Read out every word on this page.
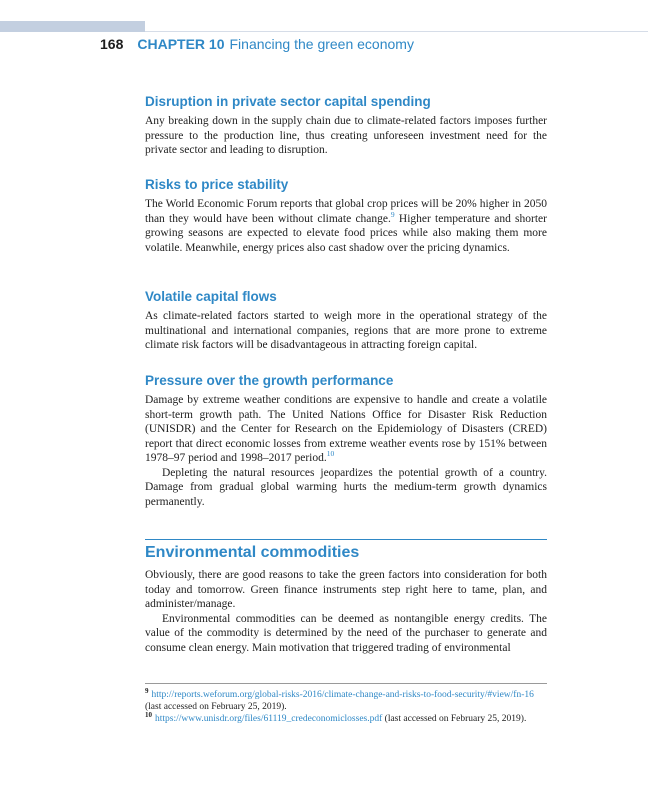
168 CHAPTER 10 Financing the green economy
Disruption in private sector capital spending

Any breaking down in the supply chain due to climate-related factors imposes further pressure to the production line, thus creating unforeseen investment need for the private sector and leading to disruption.

Risks to price stability

The World Economic Forum reports that global crop prices will be 20% higher in 2050 than they would have been without climate change.$^9$ Higher temperature and shorter growing seasons are expected to elevate food prices while also making them more volatile. Meanwhile, energy prices also cast shadow over the pricing dynamics.

Volatile capital flows

As climate-related factors started to weigh more in the operational strategy of the multinational and international companies, regions that are more prone to extreme climate risk factors will be disadvantageous in attracting foreign capital.

Pressure over the growth performance

Damage by extreme weather conditions are expensive to handle and create a volatile short-term growth path. The United Nations Office for Disaster Risk Reduction (UNISDR) and the Center for Research on the Epidemiology of Disasters (CRED) report that direct economic losses from extreme weather events rose by 151% between 1978–97 period and 1998–2017 period.$^{10}$

Depleting the natural resources jeopardizes the potential growth of a country. Damage from gradual global warming hurts the medium-term growth dynamics permanently.

Environmental commodities

Obviously, there are good reasons to take the green factors into consideration for both today and tomorrow. Green finance instruments step right here to tame, plan, and administer/manage.

Environmental commodities can be deemed as nontangible energy credits. The value of the commodity is determined by the need of the purchaser to generate and consume clean energy. Main motivation that triggered trading of environmental

$^9$ http://reports.weforum.org/global-risks-2016/climate-change-and-risks-to-food-security/#view/fn-16 (last accessed on February 25, 2019).
$^{10}$ https://www.unisdr.org/files/61119_credeconomiclosses.pdf (last accessed on February 25, 2019).
